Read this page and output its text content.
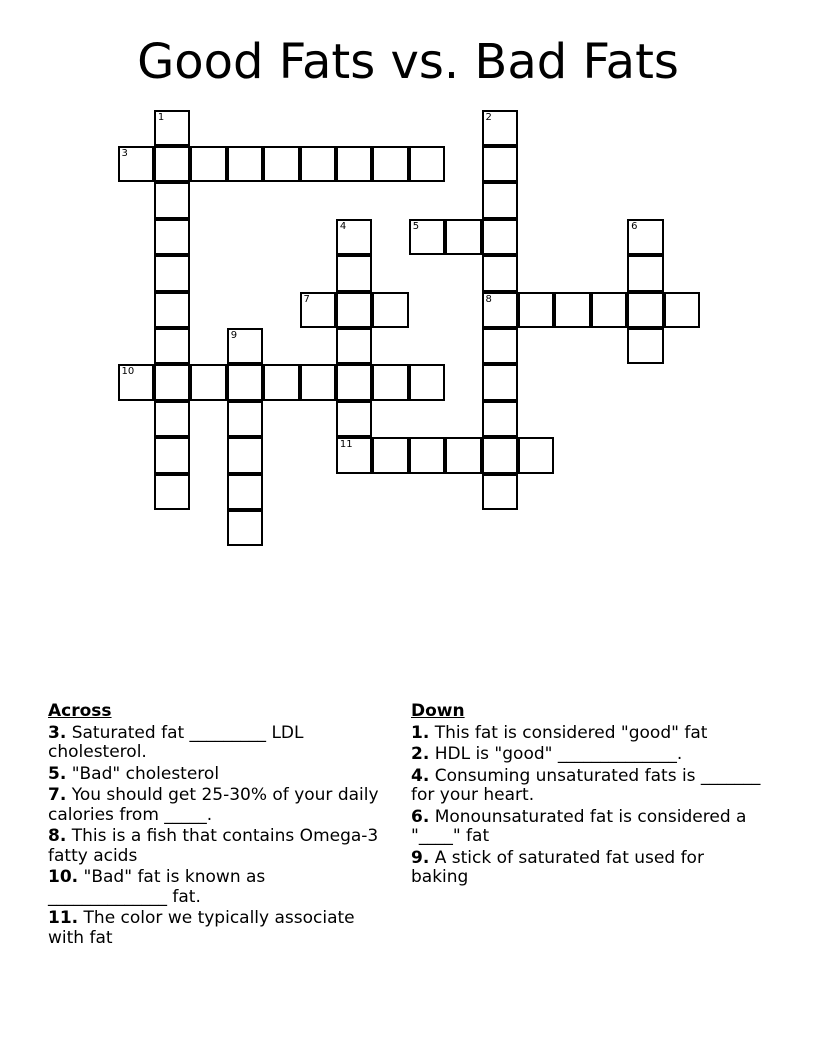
Good Fats vs. Bad Fats
1	2
8
3
4
11
5	6
7
9
10
Across
3. Saturated fat _________ LDL cholesterol.
5. "Bad" cholesterol
7. You should get 25-30% of your daily calories from _____.
8. This is a fish that contains Omega-3 fatty acids
10. "Bad" fat is known as ______________ fat.
11. The color we typically associate with fat
Down
1. This fat is considered "good" fat
2. HDL is "good" ______________.
4. Consuming unsaturated fats is _______ for your heart.
6. Monounsaturated fat is considered a "____" fat
9. A stick of saturated fat used for baking
